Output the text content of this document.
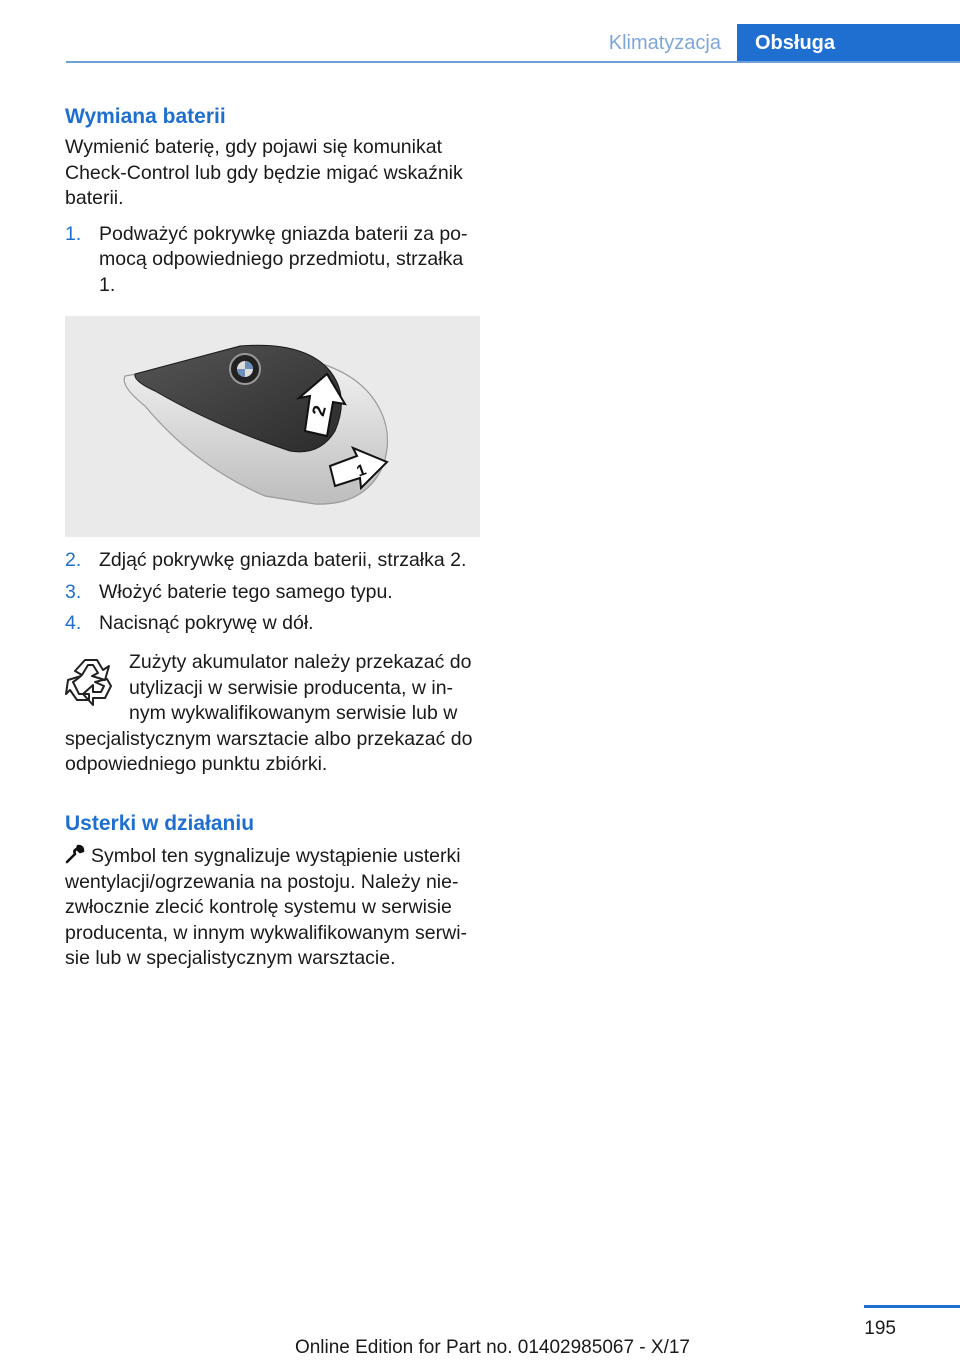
Klimatyzacja	Obsługa
Wymiana baterii

Wymienić baterię, gdy pojawi się komunikat Check-Control lub gdy będzie migać wskaźnik baterii.

1. Podważyć pokrywkę gniazda baterii za po-mocą odpowiedniego przedmiotu, strzałka 1.
2
1
2. Zdjąć pokrywkę gniazda baterii, strzałka 2.
3. Włożyć baterie tego samego typu.
4. Nacisnąć pokrywę w dół.
Zużyty akumulator należy przekazać do utylizacji w serwisie producenta, w in-nym wykwalifikowanym serwisie lub w specjalistycznym warsztacie albo przekazać do odpowiedniego punktu zbiórki.
Usterki w działaniu

Symbol ten sygnalizuje wystąpienie usterki wentylacji/ogrzewania na postoju. Należy nie-zwłocznie zlecić kontrolę systemu w serwisie producenta, w innym wykwalifikowanym serwi-sie lub w specjalistycznym warsztacie.

195
Online Edition for Part no. 01402985067 - X/17
